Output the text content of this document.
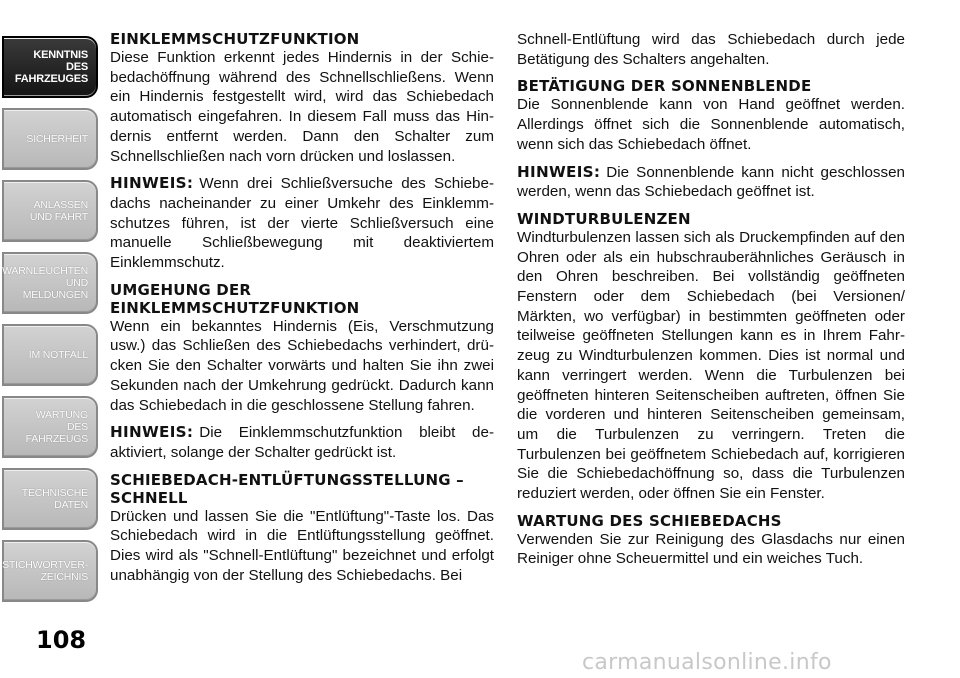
KENNTNIS
DES
FAHRZEUGES
SICHERHEIT
ANLASSEN
UND FAHRT
WARNLEUCHTEN
UND
MELDUNGEN
IM NOTFALL
WARTUNG
DES
FAHRZEUGS
TECHNISCHE
DATEN
STICHWORTVER-
ZEICHNIS
108
EINKLEMMSCHUTZFUNKTION

Diese Funktion erkennt jedes Hindernis in der Schiebedachöffnung während des Schnellschließens. Wenn ein Hindernis festgestellt wird, wird das Schiebedach automatisch eingefahren. In diesem Fall muss das Hindernis entfernt werden. Dann den Schalter zum Schnellschließen nach vorn drücken und loslassen.

HINWEIS: Wenn drei Schließversuche des Schiebedachs nacheinander zu einer Umkehr des Einklemmschutzes führen, ist der vierte Schließversuch eine manuelle Schließbewegung mit deaktiviertem Einklemmschutz.

UMGEHUNG DER EINKLEMMSCHUTZFUNKTION

Wenn ein bekanntes Hindernis (Eis, Verschmutzung usw.) das Schließen des Schiebedachs verhindert, drücken Sie den Schalter vorwärts und halten Sie ihn zwei Sekunden nach der Umkehrung gedrückt. Dadurch kann das Schiebedach in die geschlossene Stellung fahren.

HINWEIS: Die Einklemmschutzfunktion bleibt deaktiviert, solange der Schalter gedrückt ist.

SCHIEBEDACH-ENTLÜFTUNGSSTELLUNG – SCHNELL

Drücken und lassen Sie die "Entlüftung"-Taste los. Das Schiebedach wird in die Entlüftungsstellung geöffnet. Dies wird als "Schnell-Entlüftung" bezeichnet und erfolgt unabhängig von der Stellung des Schiebedachs. Bei

Schnell-Entlüftung wird das Schiebedach durch jede Betätigung des Schalters angehalten.

BETÄTIGUNG DER SONNENBLENDE

Die Sonnenblende kann von Hand geöffnet werden. Allerdings öffnet sich die Sonnenblende automatisch, wenn sich das Schiebedach öffnet.

HINWEIS: Die Sonnenblende kann nicht geschlossen werden, wenn das Schiebedach geöffnet ist.

WINDTURBULENZEN

Windturbulenzen lassen sich als Druckempfinden auf den Ohren oder als ein hubschrauberähnliches Geräusch in den Ohren beschreiben. Bei vollständig geöffneten Fenstern oder dem Schiebedach (bei Versionen/ Märkten, wo verfügbar) in bestimmten geöffneten oder teilweise geöffneten Stellungen kann es in Ihrem Fahrzeug zu Windturbulenzen kommen. Dies ist normal und kann verringert werden. Wenn die Turbulenzen bei geöffneten hinteren Seitenscheiben auftreten, öffnen Sie die vorderen und hinteren Seitenscheiben gemeinsam, um die Turbulenzen zu verringern. Treten die Turbulenzen bei geöffnetem Schiebedach auf, korrigieren Sie die Schiebedachöffnung so, dass die Turbulenzen reduziert werden, oder öffnen Sie ein Fenster.

WARTUNG DES SCHIEBEDACHS

Verwenden Sie zur Reinigung des Glasdachs nur einen Reiniger ohne Scheuermittel und ein weiches Tuch.

carmanualsonline.info
